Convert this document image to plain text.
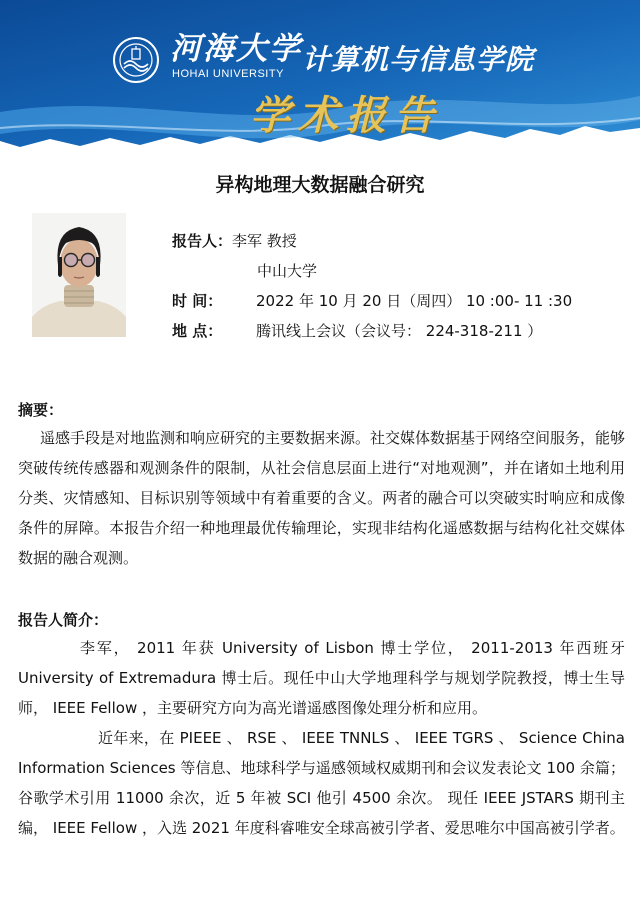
河海大学
HOHAI UNIVERSITY 计算机与信息学院
学术报告
异构地理大数据融合研究
报告人：李军 教授
中山大学
时 间： 2022 年 10 月 20 日（周四） 10 :00- 11 :30
地 点： 腾讯线上会议（会议号： 224-318-211 ）
摘要：
遥感手段是对地监测和响应研究的主要数据来源。社交媒体数据基于网络空间服务，能够突破传统传感器和观测条件的限制，从社会信息层面上进行“对地观测”，并在诸如土地利用分类、灾情感知、目标识别等领域中有着重要的含义。两者的融合可以突破实时响应和成像条件的屏障。本报告介绍一种地理最优传输理论，实现非结构化遥感数据与结构化社交媒体数据的融合观测。
报告人简介：
李军， 2011 年获 University of Lisbon 博士学位， 2011-2013 年西班牙 University of Extremadura 博士后。现任中山大学地理科学与规划学院教授，博士生导师， IEEE Fellow ，主要研究方向为高光谱遥感图像处理分析和应用。
近年来，在 PIEEE 、 RSE 、 IEEE TNNLS 、 IEEE TGRS 、 Science China Information Sciences 等信息、地球科学与遥感领域权威期刊和会议发表论文 100 余篇；谷歌学术引用 11000 余次，近 5 年被 SCI 他引 4500 余次。 现任 IEEE JSTARS 期刊主编， IEEE Fellow ，入选 2021 年度科睿唯安全球高被引学者、爱思唯尔中国高被引学者。
